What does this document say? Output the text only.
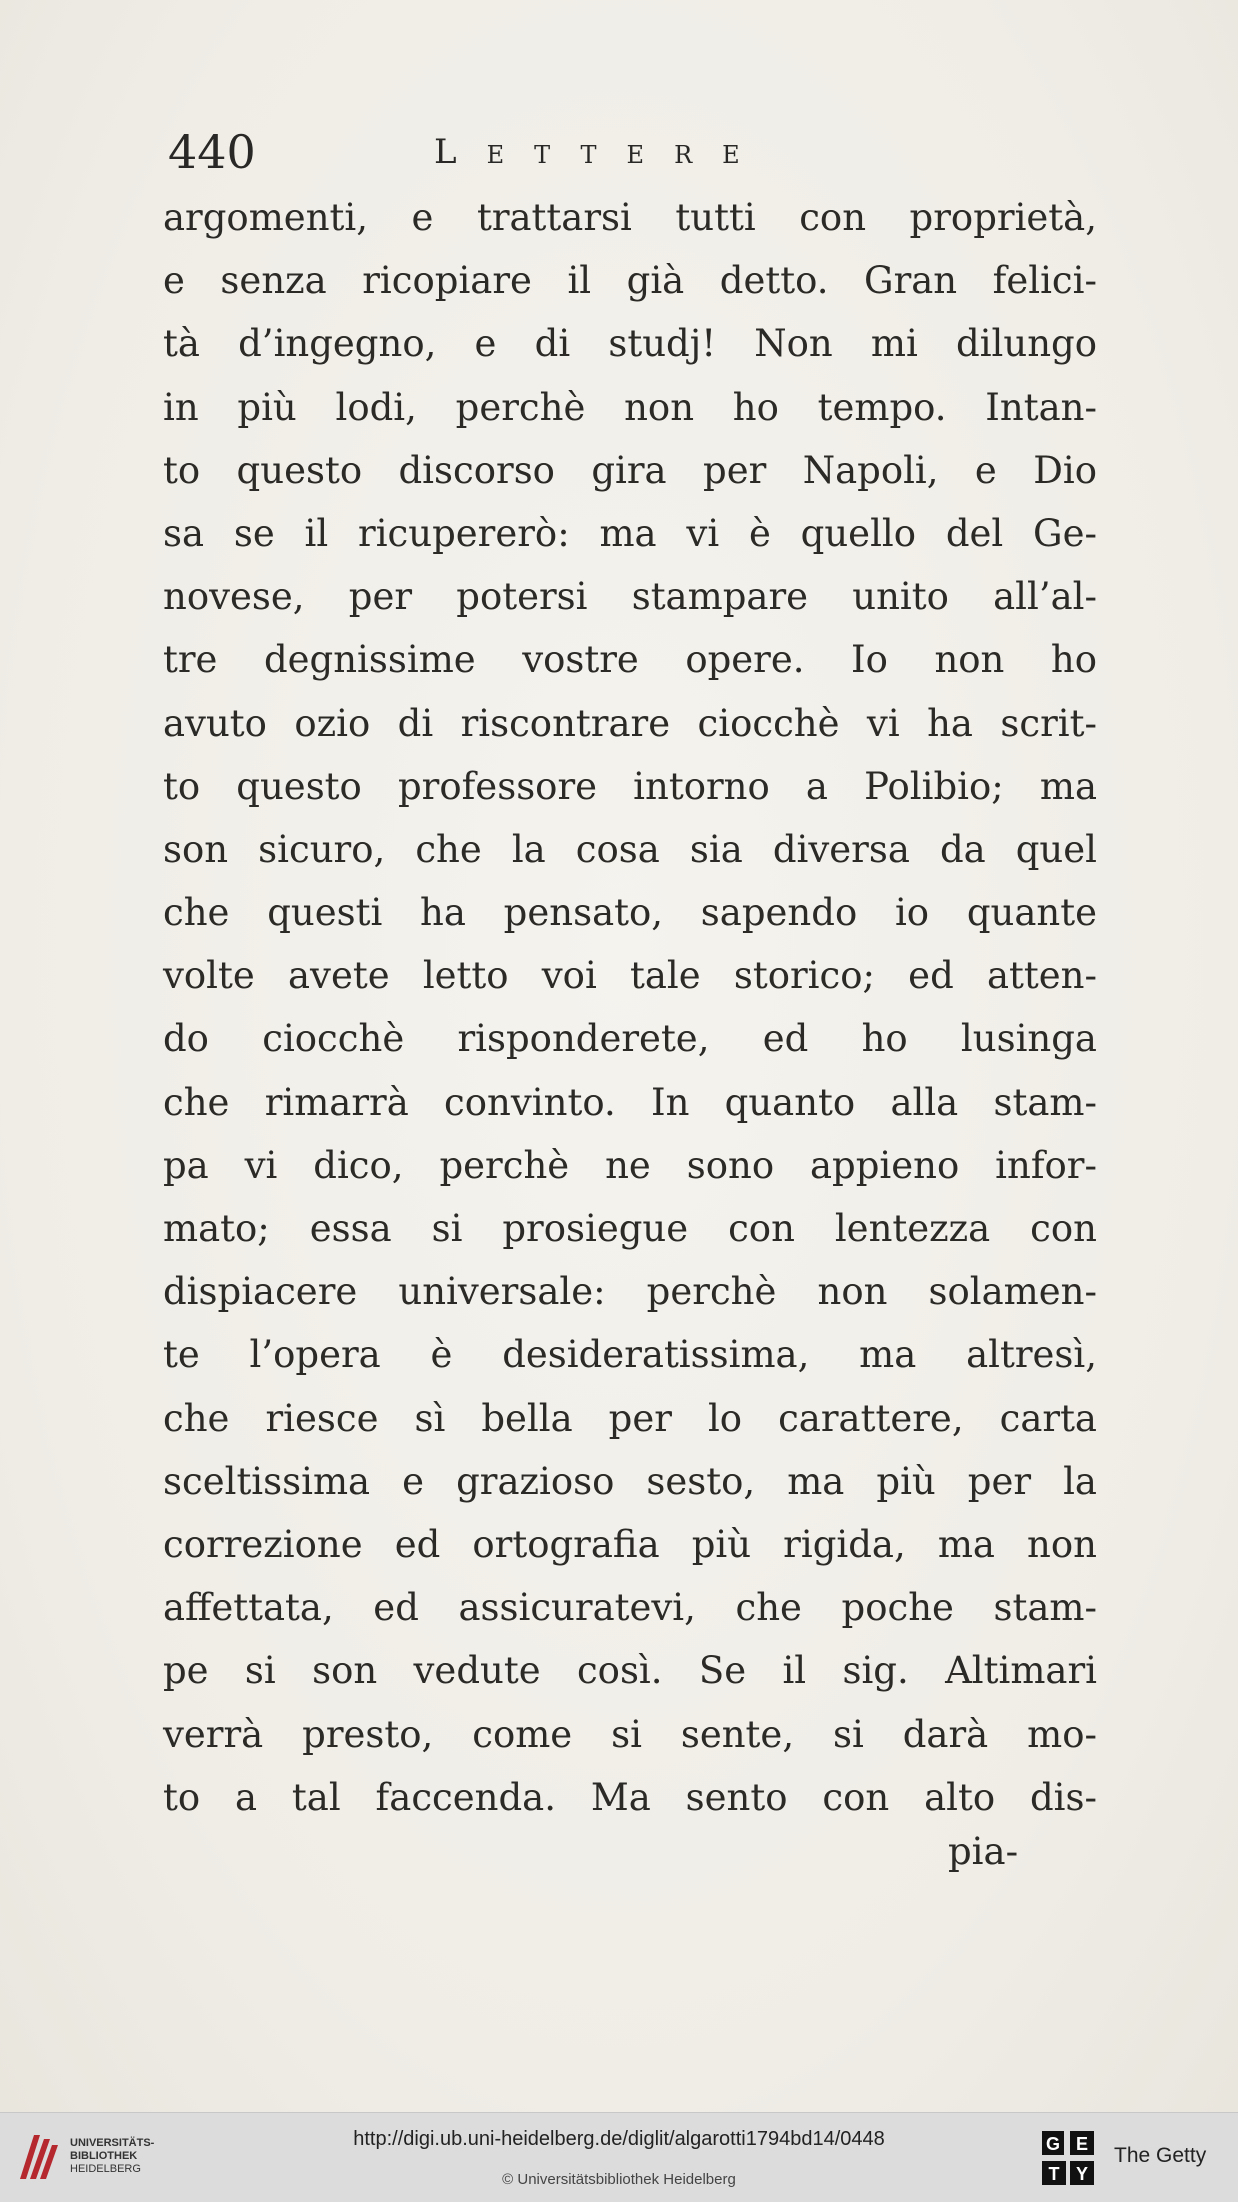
440	Lettere
argomenti, e trattarsi tutti con proprietà,
e senza ricopiare il già detto. Gran felici-
tà d’ingegno, e di studj! Non mi dilungo
in più lodi, perchè non ho tempo. Intan-
to questo discorso gira per Napoli, e Dio
sa se il ricupererò: ma vi è quello del Ge-
novese, per potersi stampare unito all’al-
tre degnissime vostre opere. Io non ho
avuto ozio di riscontrare ciocchè vi ha scrit-
to questo professore intorno a Polibio; ma
son sicuro, che la cosa sia diversa da quel
che questi ha pensato, sapendo io quante
volte avete letto voi tale storico; ed atten-
do ciocchè risponderete, ed ho lusinga
che rimarrà convinto. In quanto alla stam-
pa vi dico, perchè ne sono appieno infor-
mato; essa si prosiegue con lentezza con
dispiacere universale: perchè non solamen-
te l’opera è desideratissima, ma altresì,
che riesce sì bella per lo carattere, carta
sceltissima e grazioso sesto, ma più per la
correzione ed ortografia più rigida, ma non
affettata, ed assicuratevi, che poche stam-
pe si son vedute così. Se il sig. Altimari
verrà presto, come si sente, si darà mo-
to a tal faccenda. Ma sento con alto dis-
pia-
UNIVERSITÄTS-
BIBLIOTHEK
HEIDELBERG
http://digi.ub.uni-heidelberg.de/diglit/algarotti1794bd14/0448
© Universitätsbibliothek Heidelberg
G E
T Y
The Getty
